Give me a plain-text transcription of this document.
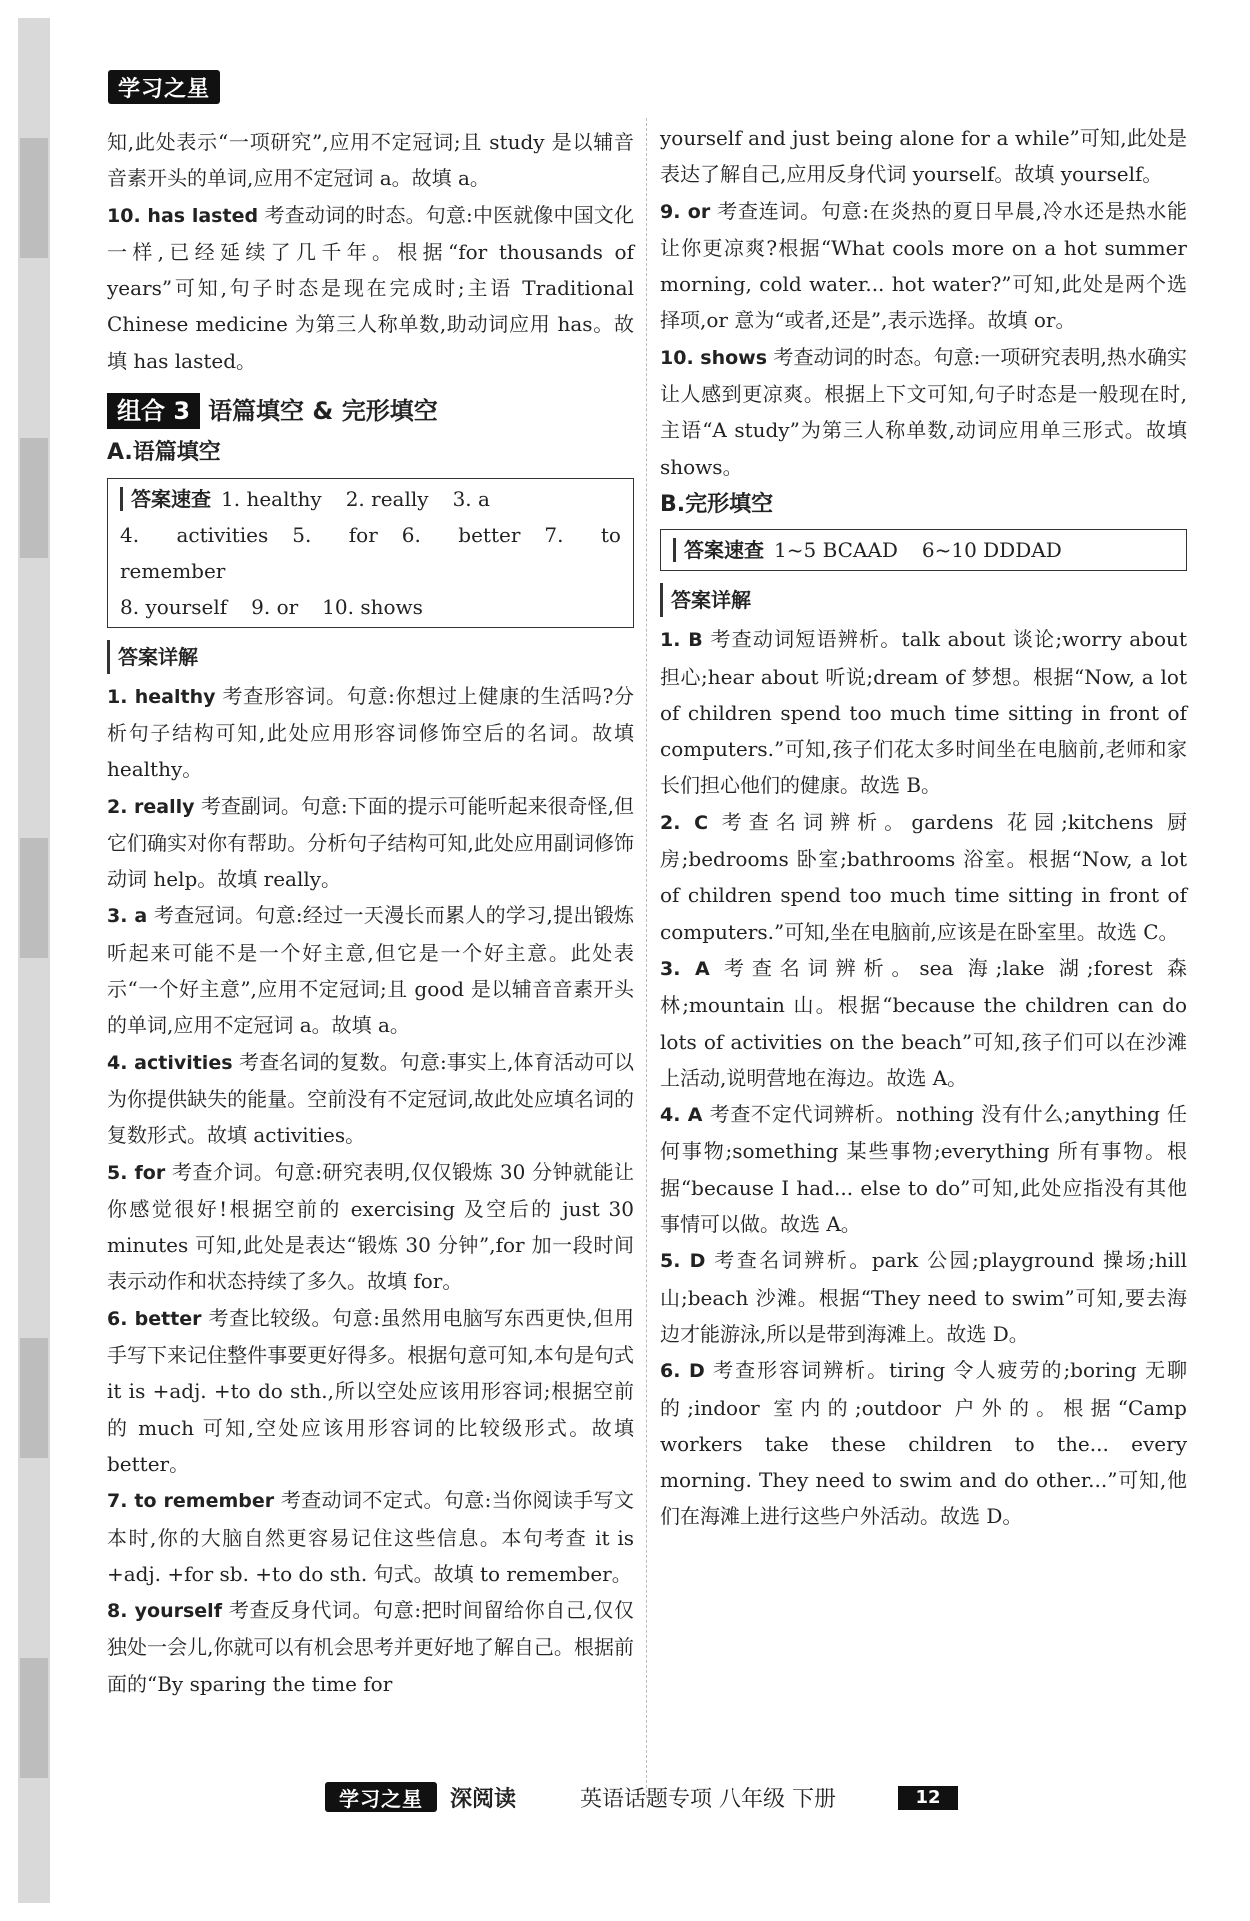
学习之星

知,此处表示“一项研究”,应用不定冠词;且 study 是以辅音音素开头的单词,应用不定冠词 a。故填 a。

10. has lasted 考查动词的时态。句意:中医就像中国文化一样,已经延续了几千年。根据“for thousands of years”可知,句子时态是现在完成时;主语 Traditional Chinese medicine 为第三人称单数,助动词应用 has。故填 has lasted。

组合 3 语篇填空 & 完形填空
A.语篇填空
答案速查 1. healthy 2. really 3. a
4. activities 5. for 6. better 7. to remember
8. yourself 9. or 10. shows
答案详解

1. healthy 考查形容词。句意:你想过上健康的生活吗?分析句子结构可知,此处应用形容词修饰空后的名词。故填 healthy。

2. really 考查副词。句意:下面的提示可能听起来很奇怪,但它们确实对你有帮助。分析句子结构可知,此处应用副词修饰动词 help。故填 really。

3. a 考查冠词。句意:经过一天漫长而累人的学习,提出锻炼听起来可能不是一个好主意,但它是一个好主意。此处表示“一个好主意”,应用不定冠词;且 good 是以辅音音素开头的单词,应用不定冠词 a。故填 a。

4. activities 考查名词的复数。句意:事实上,体育活动可以为你提供缺失的能量。空前没有不定冠词,故此处应填名词的复数形式。故填 activities。

5. for 考查介词。句意:研究表明,仅仅锻炼 30 分钟就能让你感觉很好!根据空前的 exercising 及空后的 just 30 minutes 可知,此处是表达“锻炼 30 分钟”,for 加一段时间表示动作和状态持续了多久。故填 for。

6. better 考查比较级。句意:虽然用电脑写东西更快,但用手写下来记住整件事要更好得多。根据句意可知,本句是句式 it is +adj. +to do sth.,所以空处应该用形容词;根据空前的 much 可知,空处应该用形容词的比较级形式。故填 better。

7. to remember 考查动词不定式。句意:当你阅读手写文本时,你的大脑自然更容易记住这些信息。本句考查 it is +adj. +for sb. +to do sth. 句式。故填 to remember。

8. yourself 考查反身代词。句意:把时间留给你自己,仅仅独处一会儿,你就可以有机会思考并更好地了解自己。根据前面的“By sparing the time for

yourself and just being alone for a while”可知,此处是表达了解自己,应用反身代词 yourself。故填 yourself。

9. or 考查连词。句意:在炎热的夏日早晨,冷水还是热水能让你更凉爽?根据“What cools more on a hot summer morning, cold water... hot water?”可知,此处是两个选择项,or 意为“或者,还是”,表示选择。故填 or。

10. shows 考查动词的时态。句意:一项研究表明,热水确实让人感到更凉爽。根据上下文可知,句子时态是一般现在时,主语“A study”为第三人称单数,动词应用单三形式。故填 shows。

B.完形填空
答案速查 1~5 BCAAD 6~10 DDDAD
答案详解

1. B 考查动词短语辨析。talk about 谈论;worry about 担心;hear about 听说;dream of 梦想。根据“Now, a lot of children spend too much time sitting in front of computers.”可知,孩子们花太多时间坐在电脑前,老师和家长们担心他们的健康。故选 B。

2. C 考查名词辨析。gardens 花园;kitchens 厨房;bedrooms 卧室;bathrooms 浴室。根据“Now, a lot of children spend too much time sitting in front of computers.”可知,坐在电脑前,应该是在卧室里。故选 C。

3. A 考查名词辨析。sea 海;lake 湖;forest 森林;mountain 山。根据“because the children can do lots of activities on the beach”可知,孩子们可以在沙滩上活动,说明营地在海边。故选 A。

4. A 考查不定代词辨析。nothing 没有什么;anything 任何事物;something 某些事物;everything 所有事物。根据“because I had... else to do”可知,此处应指没有其他事情可以做。故选 A。

5. D 考查名词辨析。park 公园;playground 操场;hill 山;beach 沙滩。根据“They need to swim”可知,要去海边才能游泳,所以是带到海滩上。故选 D。

6. D 考查形容词辨析。tiring 令人疲劳的;boring 无聊的;indoor 室内的;outdoor 户外的。根据“Camp workers take these children to the... every morning. They need to swim and do other...”可知,他们在海滩上进行这些户外活动。故选 D。

学习之星	深阅读	英语话题专项 八年级 下册	12
